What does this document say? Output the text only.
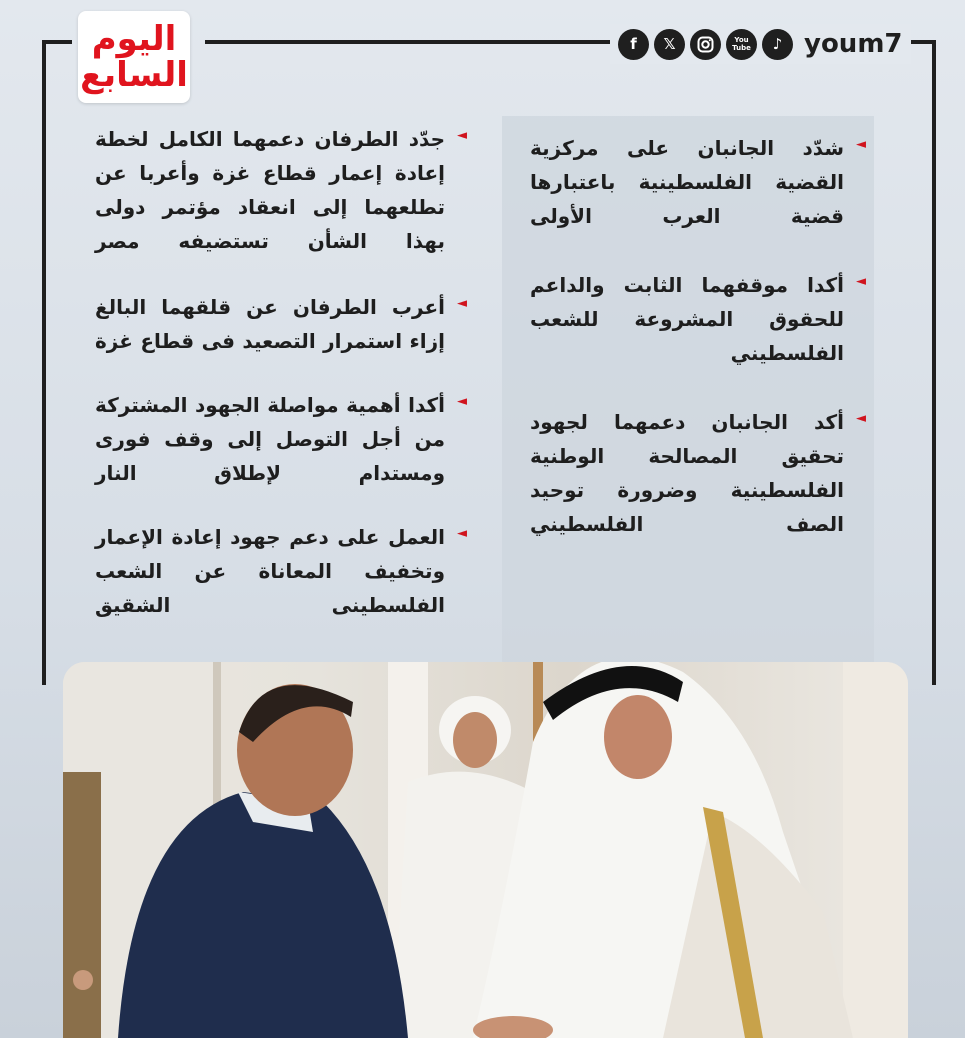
اليوم
السابع
f	𝕏	You
Tube	♪ youm7
◄

شدّد الجانبان على مركزية القضية الفلسطينية باعتبارها قضية العرب الأولى

◄

أكدا موقفهما الثابت والداعم للحقوق المشروعة للشعب الفلسطيني

◄

أكد الجانبان دعمهما لجهود تحقيق المصالحة الوطنية الفلسطينية وضرورة توحيد الصف الفلسطيني

◄

جدّد الطرفان دعمهما الكامل لخطة إعادة إعمار قطاع غزة وأعربا عن تطلعهما إلى انعقاد مؤتمر دولى بهذا الشأن تستضيفه مصر

◄

أعرب الطرفان عن قلقهما البالغ إزاء استمرار التصعيد فى قطاع غزة

◄

أكدا أهمية مواصلة الجهود المشتركة من أجل التوصل إلى وقف فورى ومستدام لإطلاق النار

◄

العمل على دعم جهود إعادة الإعمار وتخفيف المعاناة عن الشعب الفلسطينى الشقيق
